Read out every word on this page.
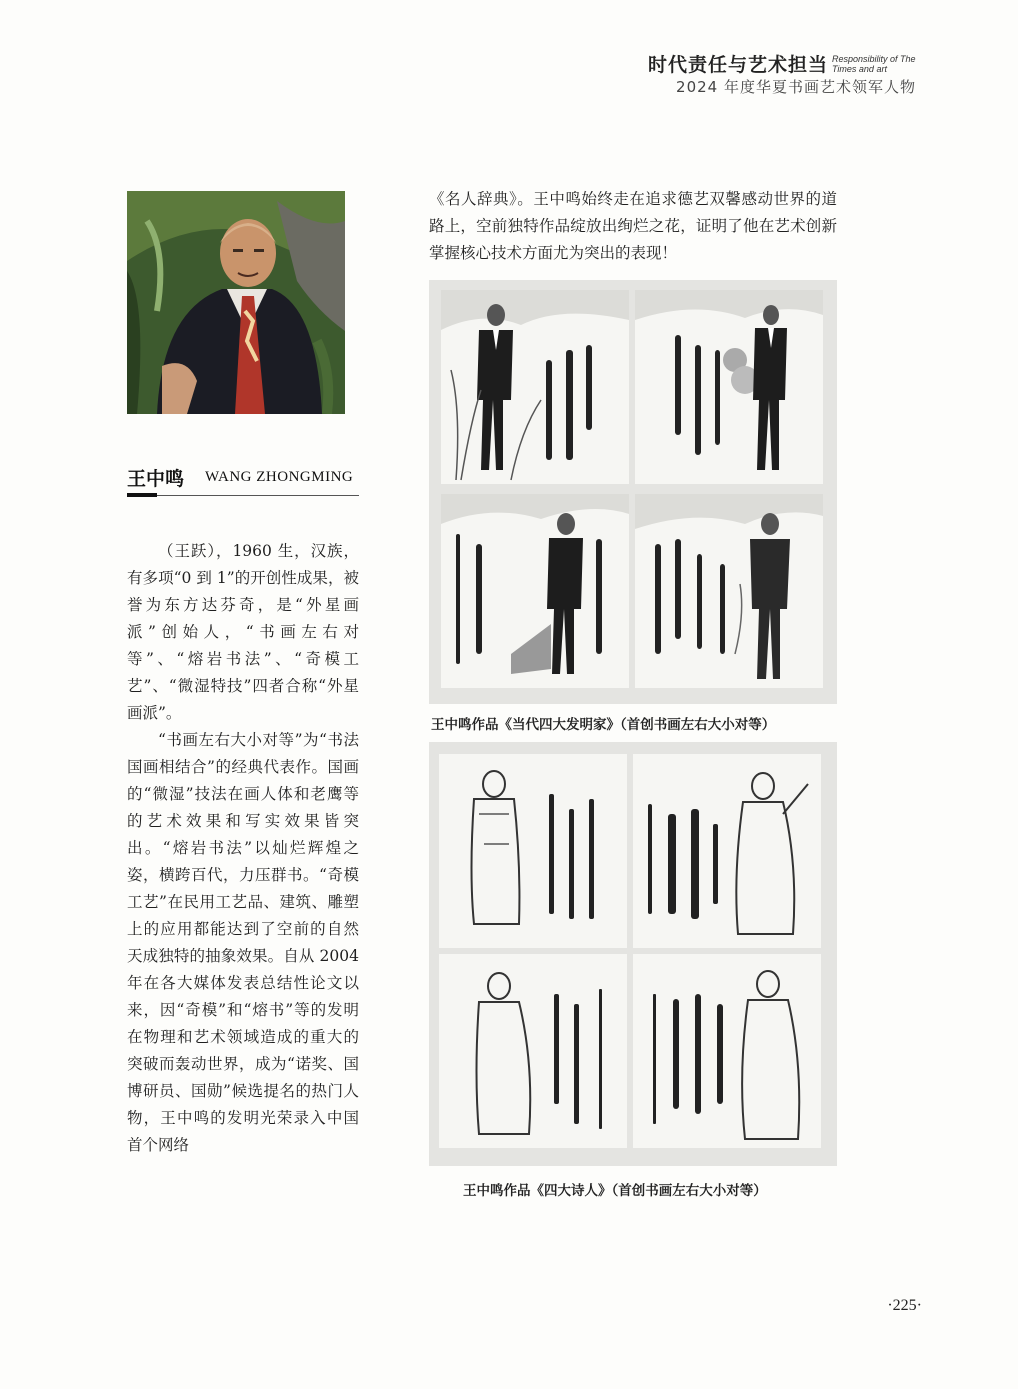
时代责任与艺术担当 Responsibility of The Times and art
2024 年度华夏书画艺术领军人物
王中鸣 WANG ZHONGMING

（王跃），1960 生，汉族，有多项“0 到 1”的开创性成果，被誉为东方达芬奇，是“外星画派”创始人，“书画左右对等”、“熔岩书法”、“奇模工艺”、“微湿特技”四者合称“外星画派”。

“书画左右大小对等”为“书法国画相结合”的经典代表作。国画的“微湿”技法在画人体和老鹰等的艺术效果和写实效果皆突出。“熔岩书法”以灿烂辉煌之姿，横跨百代，力压群书。“奇模工艺”在民用工艺品、建筑、雕塑上的应用都能达到了空前的自然天成独特的抽象效果。自从 2004 年在各大媒体发表总结性论文以来，因“奇模”和“熔书”等的发明在物理和艺术领域造成的重大的突破而轰动世界，成为“诺奖、国博研员、国勋”候选提名的热门人物，王中鸣的发明光荣录入中国首个网络

《名人辞典》。王中鸣始终走在追求德艺双馨感动世界的道路上，空前独特作品绽放出绚烂之花，证明了他在艺术创新掌握核心技术方面尤为突出的表现！

王中鸣作品《当代四大发明家》（首创书画左右大小对等）
王中鸣作品《四大诗人》（首创书画左右大小对等）
·225·
